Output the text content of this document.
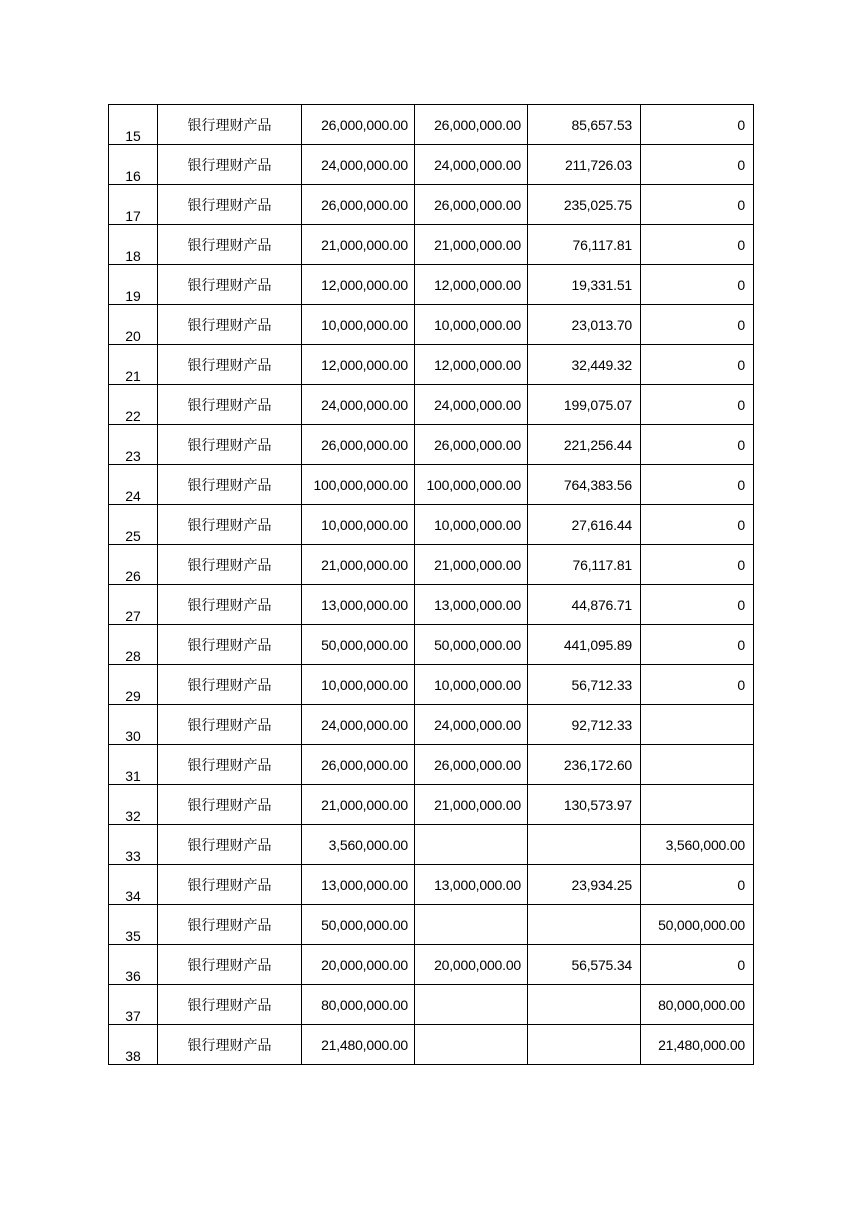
15	银行理财产品	26,000,000.00	26,000,000.00	85,657.53	0
16	银行理财产品	24,000,000.00	24,000,000.00	211,726.03	0
17	银行理财产品	26,000,000.00	26,000,000.00	235,025.75	0
18	银行理财产品	21,000,000.00	21,000,000.00	76,117.81	0
19	银行理财产品	12,000,000.00	12,000,000.00	19,331.51	0
20	银行理财产品	10,000,000.00	10,000,000.00	23,013.70	0
21	银行理财产品	12,000,000.00	12,000,000.00	32,449.32	0
22	银行理财产品	24,000,000.00	24,000,000.00	199,075.07	0
23	银行理财产品	26,000,000.00	26,000,000.00	221,256.44	0
24	银行理财产品	100,000,000.00	100,000,000.00	764,383.56	0
25	银行理财产品	10,000,000.00	10,000,000.00	27,616.44	0
26	银行理财产品	21,000,000.00	21,000,000.00	76,117.81	0
27	银行理财产品	13,000,000.00	13,000,000.00	44,876.71	0
28	银行理财产品	50,000,000.00	50,000,000.00	441,095.89	0
29	银行理财产品	10,000,000.00	10,000,000.00	56,712.33	0
30	银行理财产品	24,000,000.00	24,000,000.00	92,712.33	
31	银行理财产品	26,000,000.00	26,000,000.00	236,172.60	
32	银行理财产品	21,000,000.00	21,000,000.00	130,573.97	
33	银行理财产品	3,560,000.00			3,560,000.00
34	银行理财产品	13,000,000.00	13,000,000.00	23,934.25	0
35	银行理财产品	50,000,000.00			50,000,000.00
36	银行理财产品	20,000,000.00	20,000,000.00	56,575.34	0
37	银行理财产品	80,000,000.00			80,000,000.00
38	银行理财产品	21,480,000.00			21,480,000.00
